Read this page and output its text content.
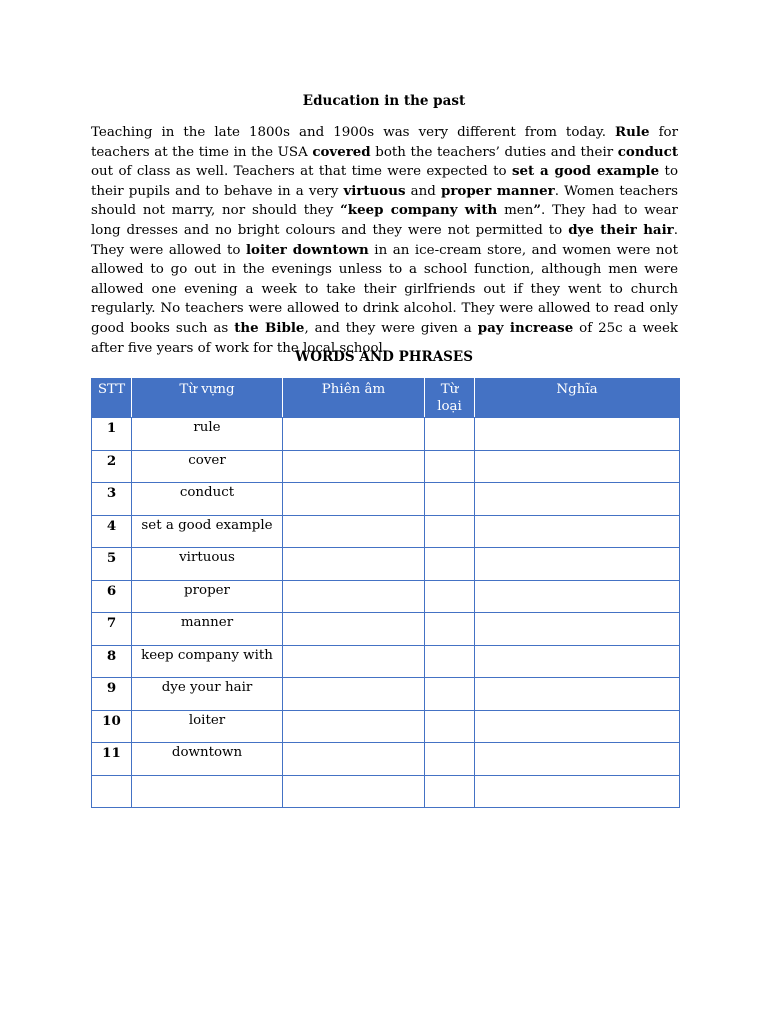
Education in the past
Teaching in the late 1800s and 1900s was very different from today. Rule for teachers at the time in the USA covered both the teachers’ duties and their conduct out of class as well. Teachers at that time were expected to set a good example to their pupils and to behave in a very virtuous and proper manner. Women teachers should not marry, nor should they “keep company with men”. They had to wear long dresses and no bright colours and they were not permitted to dye their hair. They were allowed to loiter downtown in an ice-cream store, and women were not allowed to go out in the evenings unless to a school function, although men were allowed one evening a week to take their girlfriends out if they went to church regularly. No teachers were allowed to drink alcohol. They were allowed to read only good books such as the Bible, and they were given a pay increase of 25c a week after five years of work for the local school.
WORDS AND PHRASES
STT	Từ vựng	Phiên âm	Từ loại	Nghĩa
1	rule			
2	cover			
3	conduct			
4	set a good example			
5	virtuous			
6	proper			
7	manner			
8	keep company with			
9	dye your hair			
10	loiter			
11	downtown			
